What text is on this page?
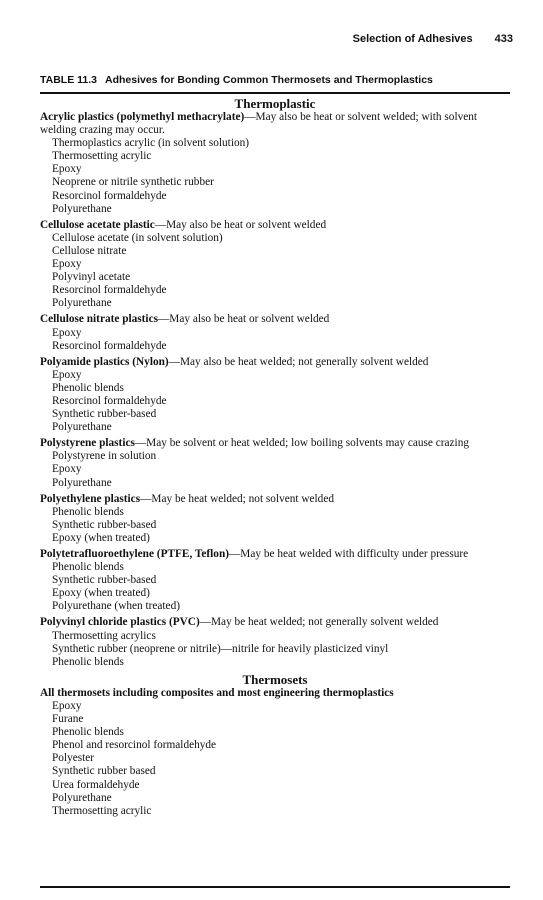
Selection of Adhesives 433
TABLE 11.3 Adhesives for Bonding Common Thermosets and Thermoplastics
Thermoplastic
Acrylic plastics (polymethyl methacrylate)—May also be heat or solvent welded; with solvent welding crazing may occur.
Thermoplastics acrylic (in solvent solution)
Thermosetting acrylic
Epoxy
Neoprene or nitrile synthetic rubber
Resorcinol formaldehyde
Polyurethane
Cellulose acetate plastic—May also be heat or solvent welded
Cellulose acetate (in solvent solution)
Cellulose nitrate
Epoxy
Polyvinyl acetate
Resorcinol formaldehyde
Polyurethane
Cellulose nitrate plastics—May also be heat or solvent welded
Epoxy
Resorcinol formaldehyde
Polyamide plastics (Nylon)—May also be heat welded; not generally solvent welded
Epoxy
Phenolic blends
Resorcinol formaldehyde
Synthetic rubber-based
Polyurethane
Polystyrene plastics—May be solvent or heat welded; low boiling solvents may cause crazing
Polystyrene in solution
Epoxy
Polyurethane
Polyethylene plastics—May be heat welded; not solvent welded
Phenolic blends
Synthetic rubber-based
Epoxy (when treated)
Polytetrafluoroethylene (PTFE, Teflon)—May be heat welded with difficulty under pressure
Phenolic blends
Synthetic rubber-based
Epoxy (when treated)
Polyurethane (when treated)
Polyvinyl chloride plastics (PVC)—May be heat welded; not generally solvent welded
Thermosetting acrylics
Synthetic rubber (neoprene or nitrile)—nitrile for heavily plasticized vinyl
Phenolic blends
Thermosets
All thermosets including composites and most engineering thermoplastics
Epoxy
Furane
Phenolic blends
Phenol and resorcinol formaldehyde
Polyester
Synthetic rubber based
Urea formaldehyde
Polyurethane
Thermosetting acrylic
